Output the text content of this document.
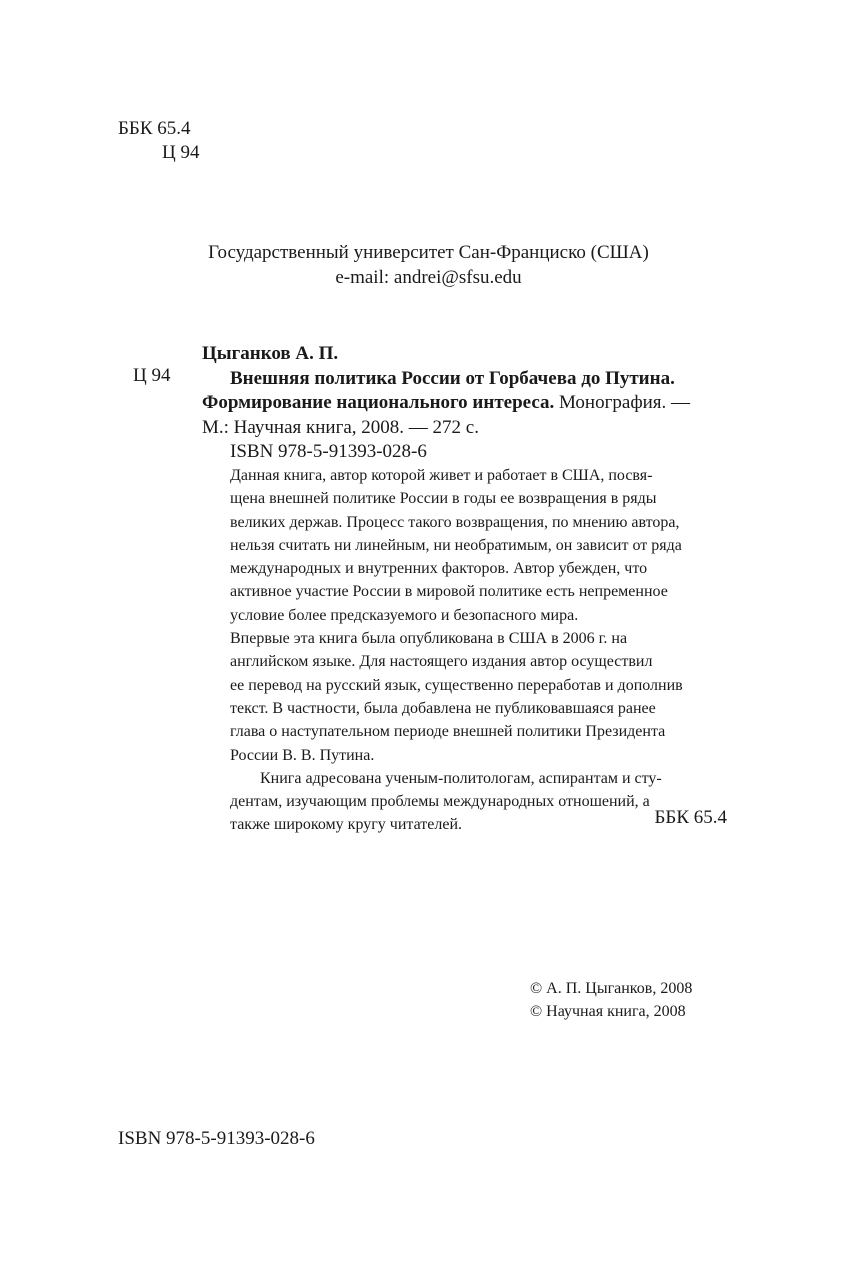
ББК 65.4
Ц 94
Государственный университет Сан-Франциско (США)
e-mail: andrei@sfsu.edu
Ц 94
Цыганков А. П.
Внешняя политика России от Горбачева до Путина.
Формирование национального интереса. Монография. —
М.: Научная книга, 2008. — 272 с.
ISBN 978-5-91393-028-6
Данная книга, автор которой живет и работает в США, посвя-
щена внешней политике России в годы ее возвращения в ряды
великих держав. Процесс такого возвращения, по мнению автора,
нельзя считать ни линейным, ни необратимым, он зависит от ряда
международных и внутренних факторов. Автор убежден, что
активное участие России в мировой политике есть непременное
условие более предсказуемого и безопасного мира.
Впервые эта книга была опубликована в США в 2006 г. на
английском языке. Для настоящего издания автор осуществил
ее перевод на русский язык, существенно переработав и дополнив
текст. В частности, была добавлена не публиковавшаяся ранее
глава о наступательном периоде внешней политики Президента
России В. В. Путина.
Книга адресована ученым-политологам, аспирантам и сту-
дентам, изучающим проблемы международных отношений, а
также широкому кругу читателей.	ББК 65.4
© А. П. Цыганков, 2008
© Научная книга, 2008
ISBN 978-5-91393-028-6
